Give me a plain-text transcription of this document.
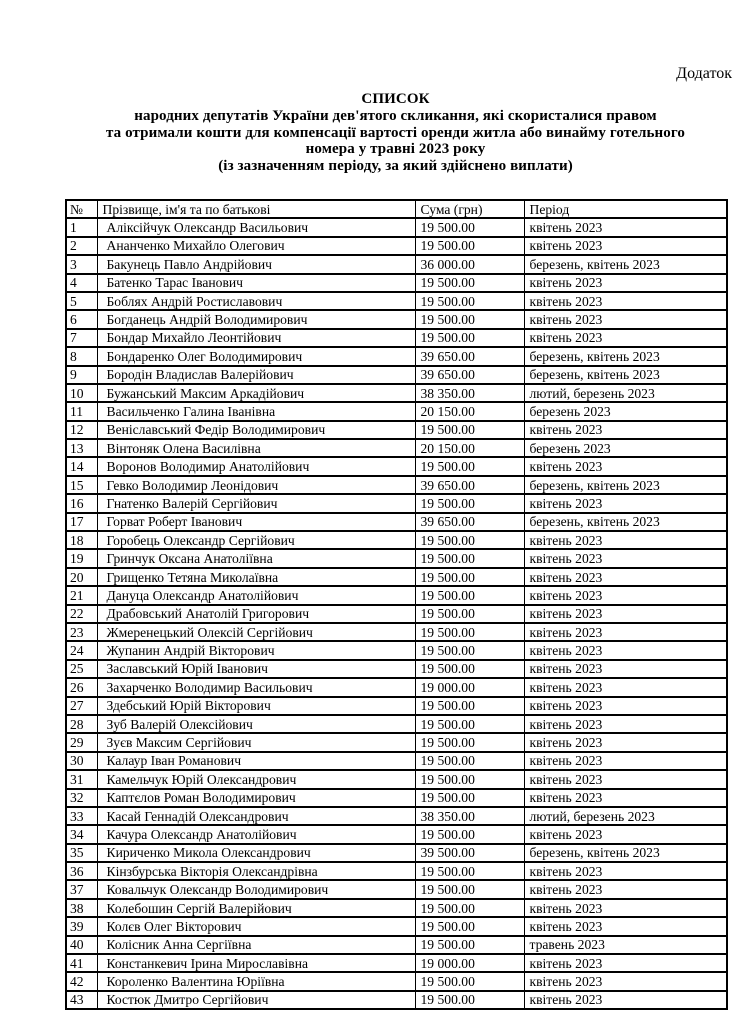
Додаток
СПИСОК
народних депутатів України дев'ятого скликання, які скористалися правом
та отримали кошти для компенсації вартості оренди житла або винайму готельного
номера у травні 2023 року
(із зазначенням періоду, за який здійснено виплати)
№	Прізвище, ім'я та по батькові	Сума (грн)	Період
1	Аліксійчук Олександр Васильович	19 500.00	квітень 2023
2	Ананченко Михайло Олегович	19 500.00	квітень 2023
3	Бакунець Павло Андрійович	36 000.00	березень, квітень 2023
4	Батенко Тарас Іванович	19 500.00	квітень 2023
5	Боблях Андрій Ростиславович	19 500.00	квітень 2023
6	Богданець Андрій Володимирович	19 500.00	квітень 2023
7	Бондар Михайло Леонтійович	19 500.00	квітень 2023
8	Бондаренко Олег Володимирович	39 650.00	березень, квітень 2023
9	Бородін Владислав Валерійович	39 650.00	березень, квітень 2023
10	Бужанський Максим Аркадійович	38 350.00	лютий, березень 2023
11	Васильченко Галина Іванівна	20 150.00	березень 2023
12	Веніславський Федір Володимирович	19 500.00	квітень 2023
13	Вінтоняк Олена Василівна	20 150.00	березень 2023
14	Воронов Володимир Анатолійович	19 500.00	квітень 2023
15	Гевко Володимир Леонідович	39 650.00	березень, квітень 2023
16	Гнатенко Валерій Сергійович	19 500.00	квітень 2023
17	Горват Роберт Іванович	39 650.00	березень, квітень 2023
18	Горобець Олександр Сергійович	19 500.00	квітень 2023
19	Гринчук Оксана Анатоліївна	19 500.00	квітень 2023
20	Грищенко Тетяна Миколаївна	19 500.00	квітень 2023
21	Дануца Олександр Анатолійович	19 500.00	квітень 2023
22	Драбовський Анатолій Григорович	19 500.00	квітень 2023
23	Жмеренецький Олексій Сергійович	19 500.00	квітень 2023
24	Жупанин Андрій Вікторович	19 500.00	квітень 2023
25	Заславський Юрій Іванович	19 500.00	квітень 2023
26	Захарченко Володимир Васильович	19 000.00	квітень 2023
27	Здебський Юрій Вікторович	19 500.00	квітень 2023
28	Зуб Валерій Олексійович	19 500.00	квітень 2023
29	Зуєв Максим Сергійович	19 500.00	квітень 2023
30	Калаур Іван Романович	19 500.00	квітень 2023
31	Камельчук Юрій Олександрович	19 500.00	квітень 2023
32	Каптєлов Роман Володимирович	19 500.00	квітень 2023
33	Касай Геннадій Олександрович	38 350.00	лютий, березень 2023
34	Качура Олександр Анатолійович	19 500.00	квітень 2023
35	Кириченко Микола Олександрович	39 500.00	березень, квітень 2023
36	Кінзбурська Вікторія Олександрівна	19 500.00	квітень 2023
37	Ковальчук Олександр Володимирович	19 500.00	квітень 2023
38	Колебошин Сергій Валерійович	19 500.00	квітень 2023
39	Колєв Олег Вікторович	19 500.00	квітень 2023
40	Колісник Анна Сергіївна	19 500.00	травень 2023
41	Констанкевич Ірина Мирославівна	19 000.00	квітень 2023
42	Короленко Валентина Юріївна	19 500.00	квітень 2023
43	Костюк Дмитро Сергійович	19 500.00	квітень 2023
